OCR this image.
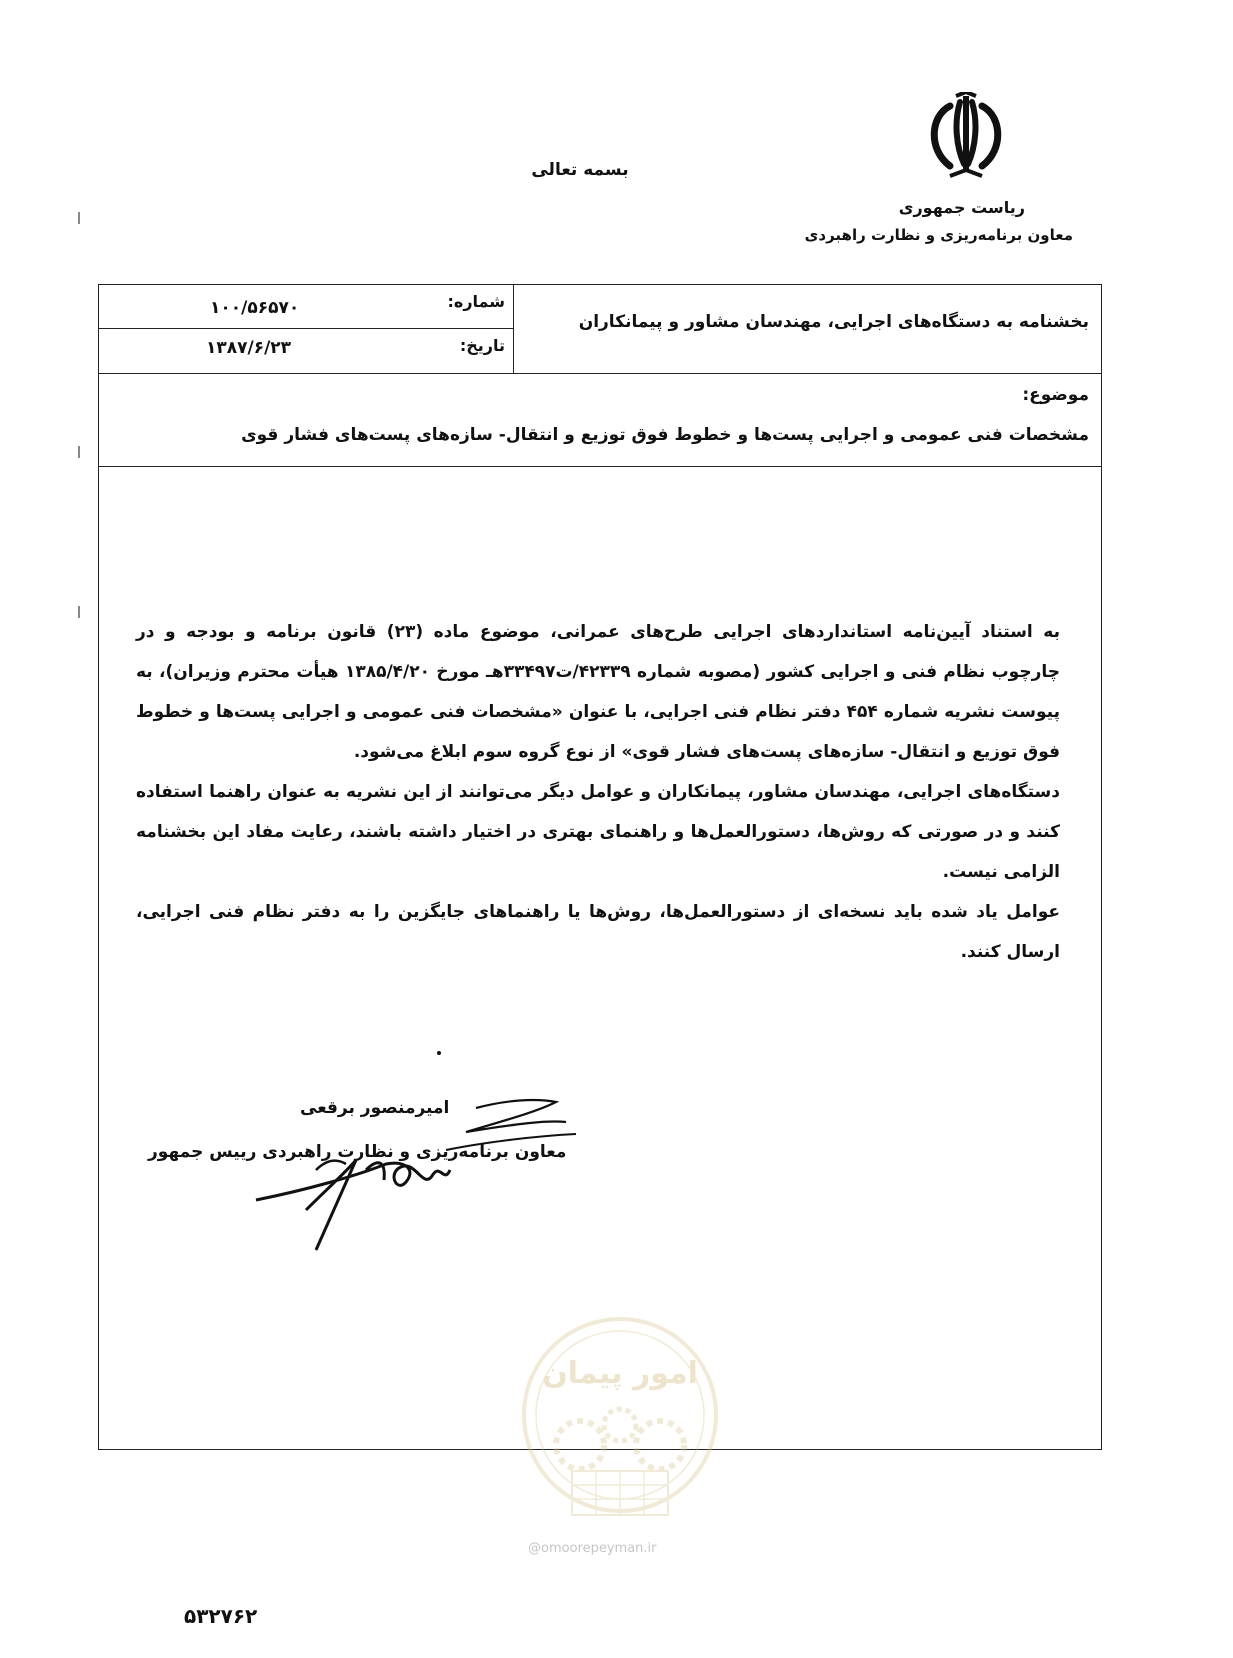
بسمه تعالی
ریاست جمهوری
معاون برنامه‌ریزی و نظارت راهبردی
بخشنامه به دستگاه‌های اجرایی، مهندسان مشاور و پیمانکاران
شماره:
۱۰۰/۵۶۵۷۰
تاریخ:
۱۳۸۷/۶/۲۳
موضوع:
مشخصات فنی عمومی و اجرایی پست‌ها و خطوط فوق توزیع و انتقال- سازه‌های پست‌های فشار قوی

به استناد آیین‌نامه استانداردهای اجرایی طرح‌های عمرانی، موضوع ماده (۲۳) قانون برنامه و بودجه و در چارچوب نظام فنی و اجرایی کشور (مصوبه شماره ۴۲۳۳۹/ت۳۳۴۹۷هـ مورخ ۱۳۸۵/۴/۲۰ هیأت محترم وزیران)، به پیوست نشریه شماره ۴۵۴ دفتر نظام فنی اجرایی، با عنوان «مشخصات فنی عمومی و اجرایی پست‌ها و خطوط فوق توزیع و انتقال- سازه‌های پست‌های فشار قوی» از نوع گروه سوم ابلاغ می‌شود.

دستگاه‌های اجرایی، مهندسان مشاور، پیمانکاران و عوامل دیگر می‌توانند از این نشریه به عنوان راهنما استفاده کنند و در صورتی که روش‌ها، دستورالعمل‌ها و راهنمای بهتری در اختیار داشته باشند، رعایت مفاد این بخشنامه الزامی نیست.

عوامل یاد شده باید نسخه‌ای از دستورالعمل‌ها، روش‌ها یا راهنماهای جایگزین را به دفتر نظام فنی اجرایی، ارسال کنند.

امیرمنصور برقعی
معاون برنامه‌ریزی و نظارت راهبردی رییس جمهور
امور پیمان
@omoorepeyman.ir
۵۳۲۷۶۲
